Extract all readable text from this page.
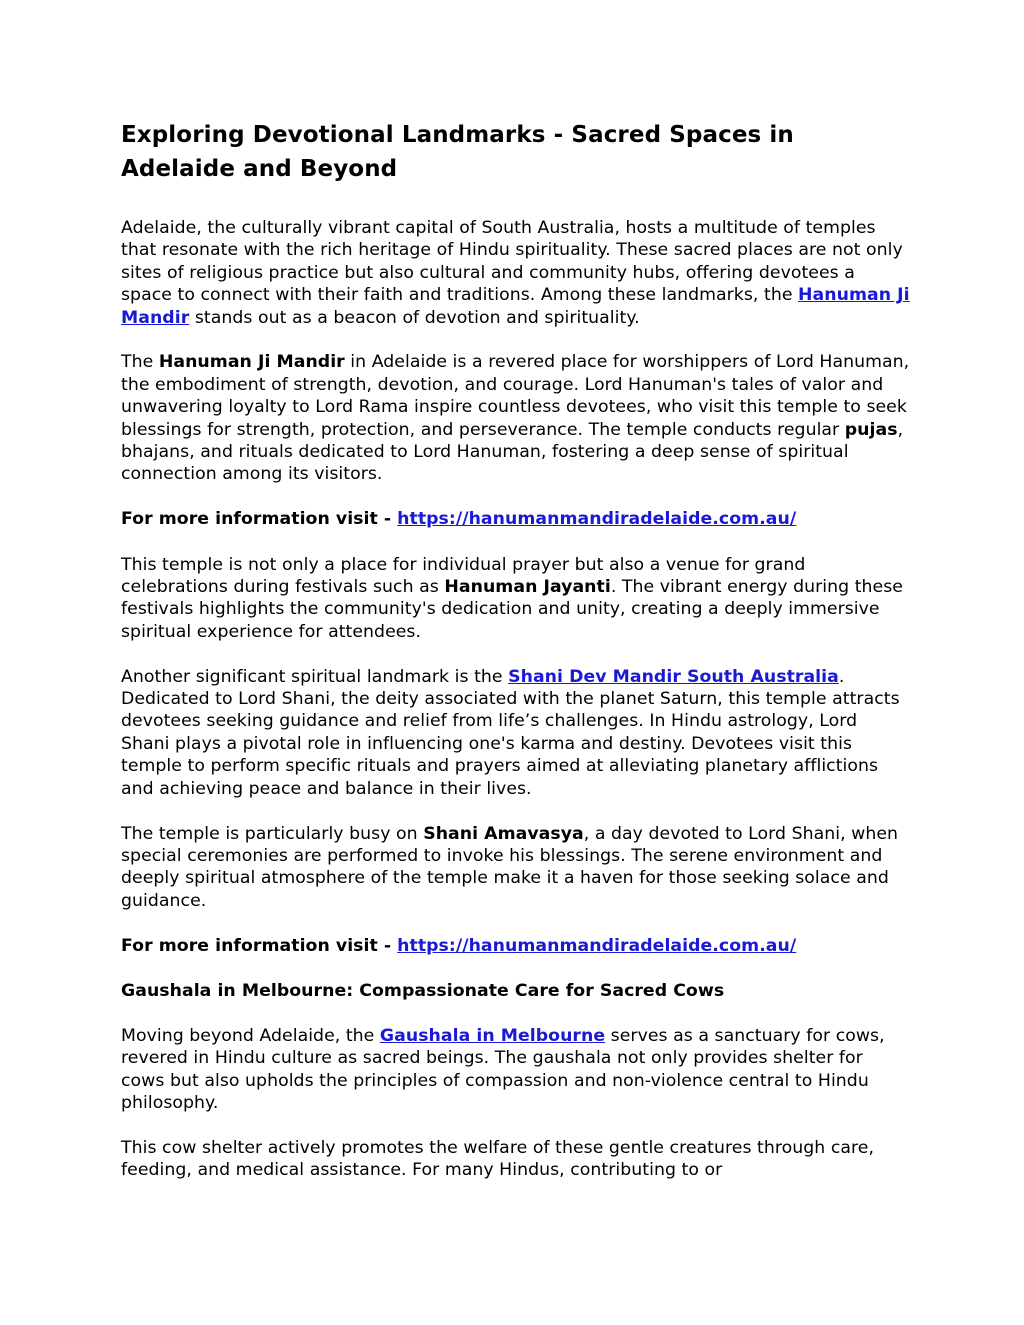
Exploring Devotional Landmarks - Sacred Spaces in Adelaide and Beyond

Adelaide, the culturally vibrant capital of South Australia, hosts a multitude of temples that resonate with the rich heritage of Hindu spirituality. These sacred places are not only sites of religious practice but also cultural and community hubs, offering devotees a space to connect with their faith and traditions. Among these landmarks, the Hanuman Ji Mandir stands out as a beacon of devotion and spirituality.

The Hanuman Ji Mandir in Adelaide is a revered place for worshippers of Lord Hanuman, the embodiment of strength, devotion, and courage. Lord Hanuman's tales of valor and unwavering loyalty to Lord Rama inspire countless devotees, who visit this temple to seek blessings for strength, protection, and perseverance. The temple conducts regular pujas, bhajans, and rituals dedicated to Lord Hanuman, fostering a deep sense of spiritual connection among its visitors.

For more information visit - https://hanumanmandiradelaide.com.au/

This temple is not only a place for individual prayer but also a venue for grand celebrations during festivals such as Hanuman Jayanti. The vibrant energy during these festivals highlights the community's dedication and unity, creating a deeply immersive spiritual experience for attendees.

Another significant spiritual landmark is the Shani Dev Mandir South Australia. Dedicated to Lord Shani, the deity associated with the planet Saturn, this temple attracts devotees seeking guidance and relief from life’s challenges. In Hindu astrology, Lord Shani plays a pivotal role in influencing one's karma and destiny. Devotees visit this temple to perform specific rituals and prayers aimed at alleviating planetary afflictions and achieving peace and balance in their lives.

The temple is particularly busy on Shani Amavasya, a day devoted to Lord Shani, when special ceremonies are performed to invoke his blessings. The serene environment and deeply spiritual atmosphere of the temple make it a haven for those seeking solace and guidance.

For more information visit - https://hanumanmandiradelaide.com.au/

Gaushala in Melbourne: Compassionate Care for Sacred Cows

Moving beyond Adelaide, the Gaushala in Melbourne serves as a sanctuary for cows, revered in Hindu culture as sacred beings. The gaushala not only provides shelter for cows but also upholds the principles of compassion and non-violence central to Hindu philosophy.

This cow shelter actively promotes the welfare of these gentle creatures through care, feeding, and medical assistance. For many Hindus, contributing to or
